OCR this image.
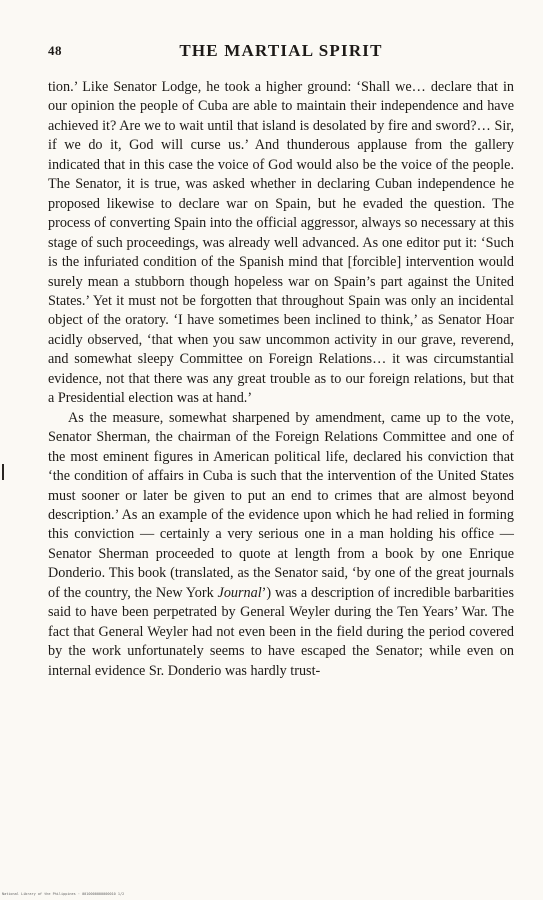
48	THE MARTIAL SPIRIT

tion.’ Like Senator Lodge, he took a higher ground: ‘Shall we… declare that in our opinion the people of Cuba are able to maintain their independence and have achieved it? Are we to wait until that island is desolated by fire and sword?… Sir, if we do it, God will curse us.’ And thunderous applause from the gallery indicated that in this case the voice of God would also be the voice of the people. The Senator, it is true, was asked whether in declaring Cuban independence he proposed likewise to declare war on Spain, but he evaded the question. The process of converting Spain into the official aggressor, always so necessary at this stage of such proceedings, was already well advanced. As one editor put it: ‘Such is the infuriated condition of the Spanish mind that [forcible] intervention would surely mean a stubborn though hopeless war on Spain’s part against the United States.’ Yet it must not be forgotten that throughout Spain was only an incidental object of the oratory. ‘I have sometimes been inclined to think,’ as Senator Hoar acidly observed, ‘that when you saw uncommon activity in our grave, reverend, and somewhat sleepy Committee on Foreign Relations… it was circumstantial evidence, not that there was any great trouble as to our foreign relations, but that a Presidential election was at hand.’

As the measure, somewhat sharpened by amendment, came up to the vote, Senator Sherman, the chairman of the Foreign Relations Committee and one of the most eminent figures in American political life, declared his conviction that ‘the condition of affairs in Cuba is such that the intervention of the United States must sooner or later be given to put an end to crimes that are almost beyond description.’ As an example of the evidence upon which he had relied in forming this conviction — certainly a very serious one in a man holding his office — Senator Sherman proceeded to quote at length from a book by one Enrique Donderio. This book (translated, as the Senator said, ‘by one of the great journals of the country, the New York Journal’) was a description of incredible barbarities said to have been perpetrated by General Weyler during the Ten Years’ War. The fact that General Weyler had not even been in the field during the period covered by the work unfortunately seems to have escaped the Senator; while even on internal evidence Sr. Donderio was hardly trust-

National Library of the Philippines · 0010000000000010 1/2
